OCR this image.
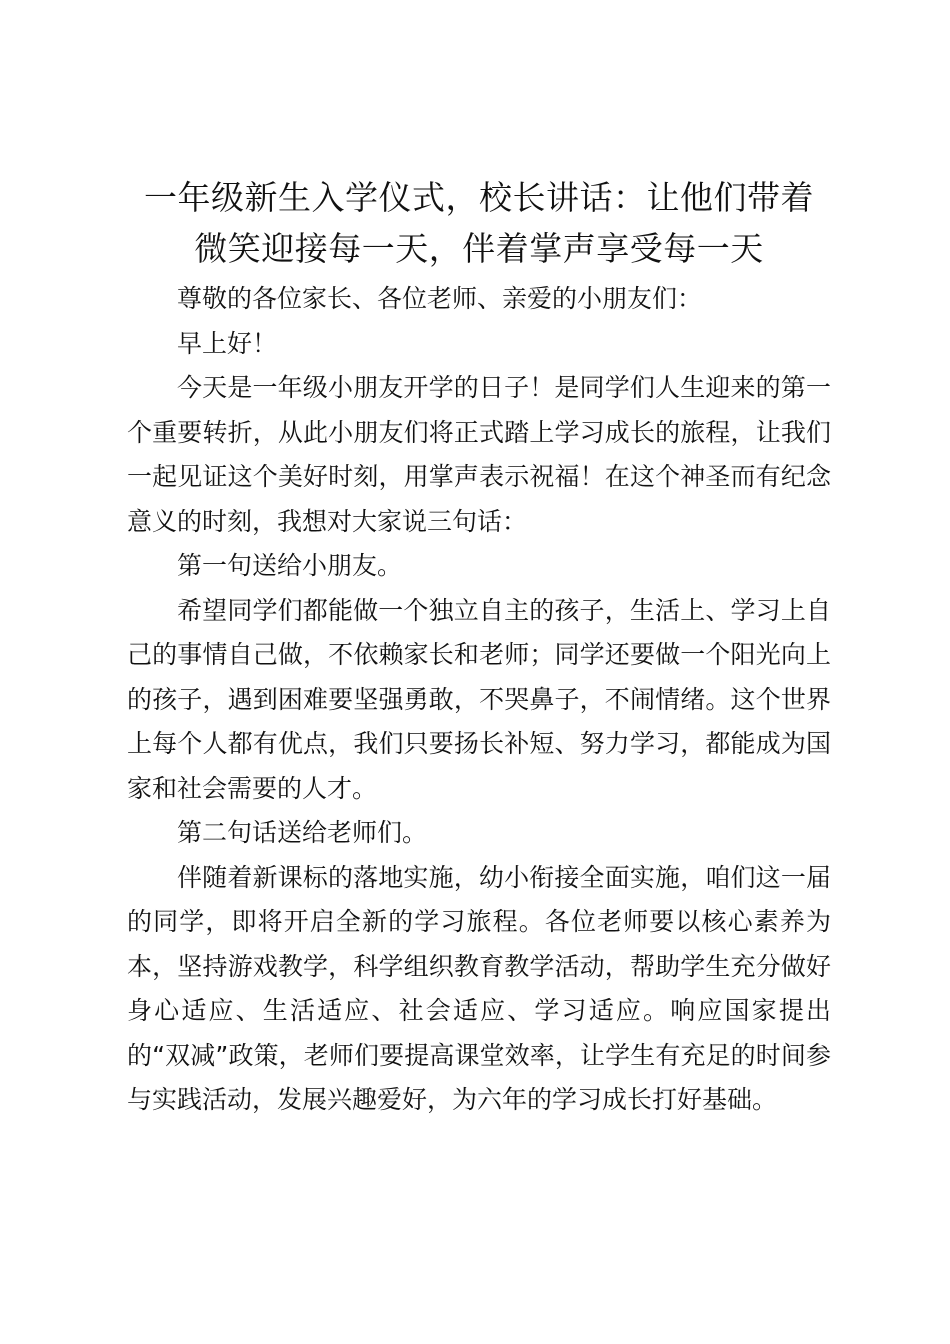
一年级新生入学仪式，校长讲话：让他们带着
微笑迎接每一天，伴着掌声享受每一天

尊敬的各位家长、各位老师、亲爱的小朋友们：

早上好！

今天是一年级小朋友开学的日子！是同学们人生迎来的第一个重要转折，从此小朋友们将正式踏上学习成长的旅程，让我们一起见证这个美好时刻，用掌声表示祝福！在这个神圣而有纪念意义的时刻，我想对大家说三句话：

第一句送给小朋友。

希望同学们都能做一个独立自主的孩子，生活上、学习上自己的事情自己做，不依赖家长和老师；同学还要做一个阳光向上的孩子，遇到困难要坚强勇敢，不哭鼻子，不闹情绪。这个世界上每个人都有优点，我们只要扬长补短、努力学习，都能成为国家和社会需要的人才。

第二句话送给老师们。

伴随着新课标的落地实施，幼小衔接全面实施，咱们这一届的同学，即将开启全新的学习旅程。各位老师要以核心素养为本，坚持游戏教学，科学组织教育教学活动，帮助学生充分做好身心适应、生活适应、社会适应、学习适应。响应国家提出的“双减”政策，老师们要提高课堂效率，让学生有充足的时间参与实践活动，发展兴趣爱好，为六年的学习成长打好基础。
